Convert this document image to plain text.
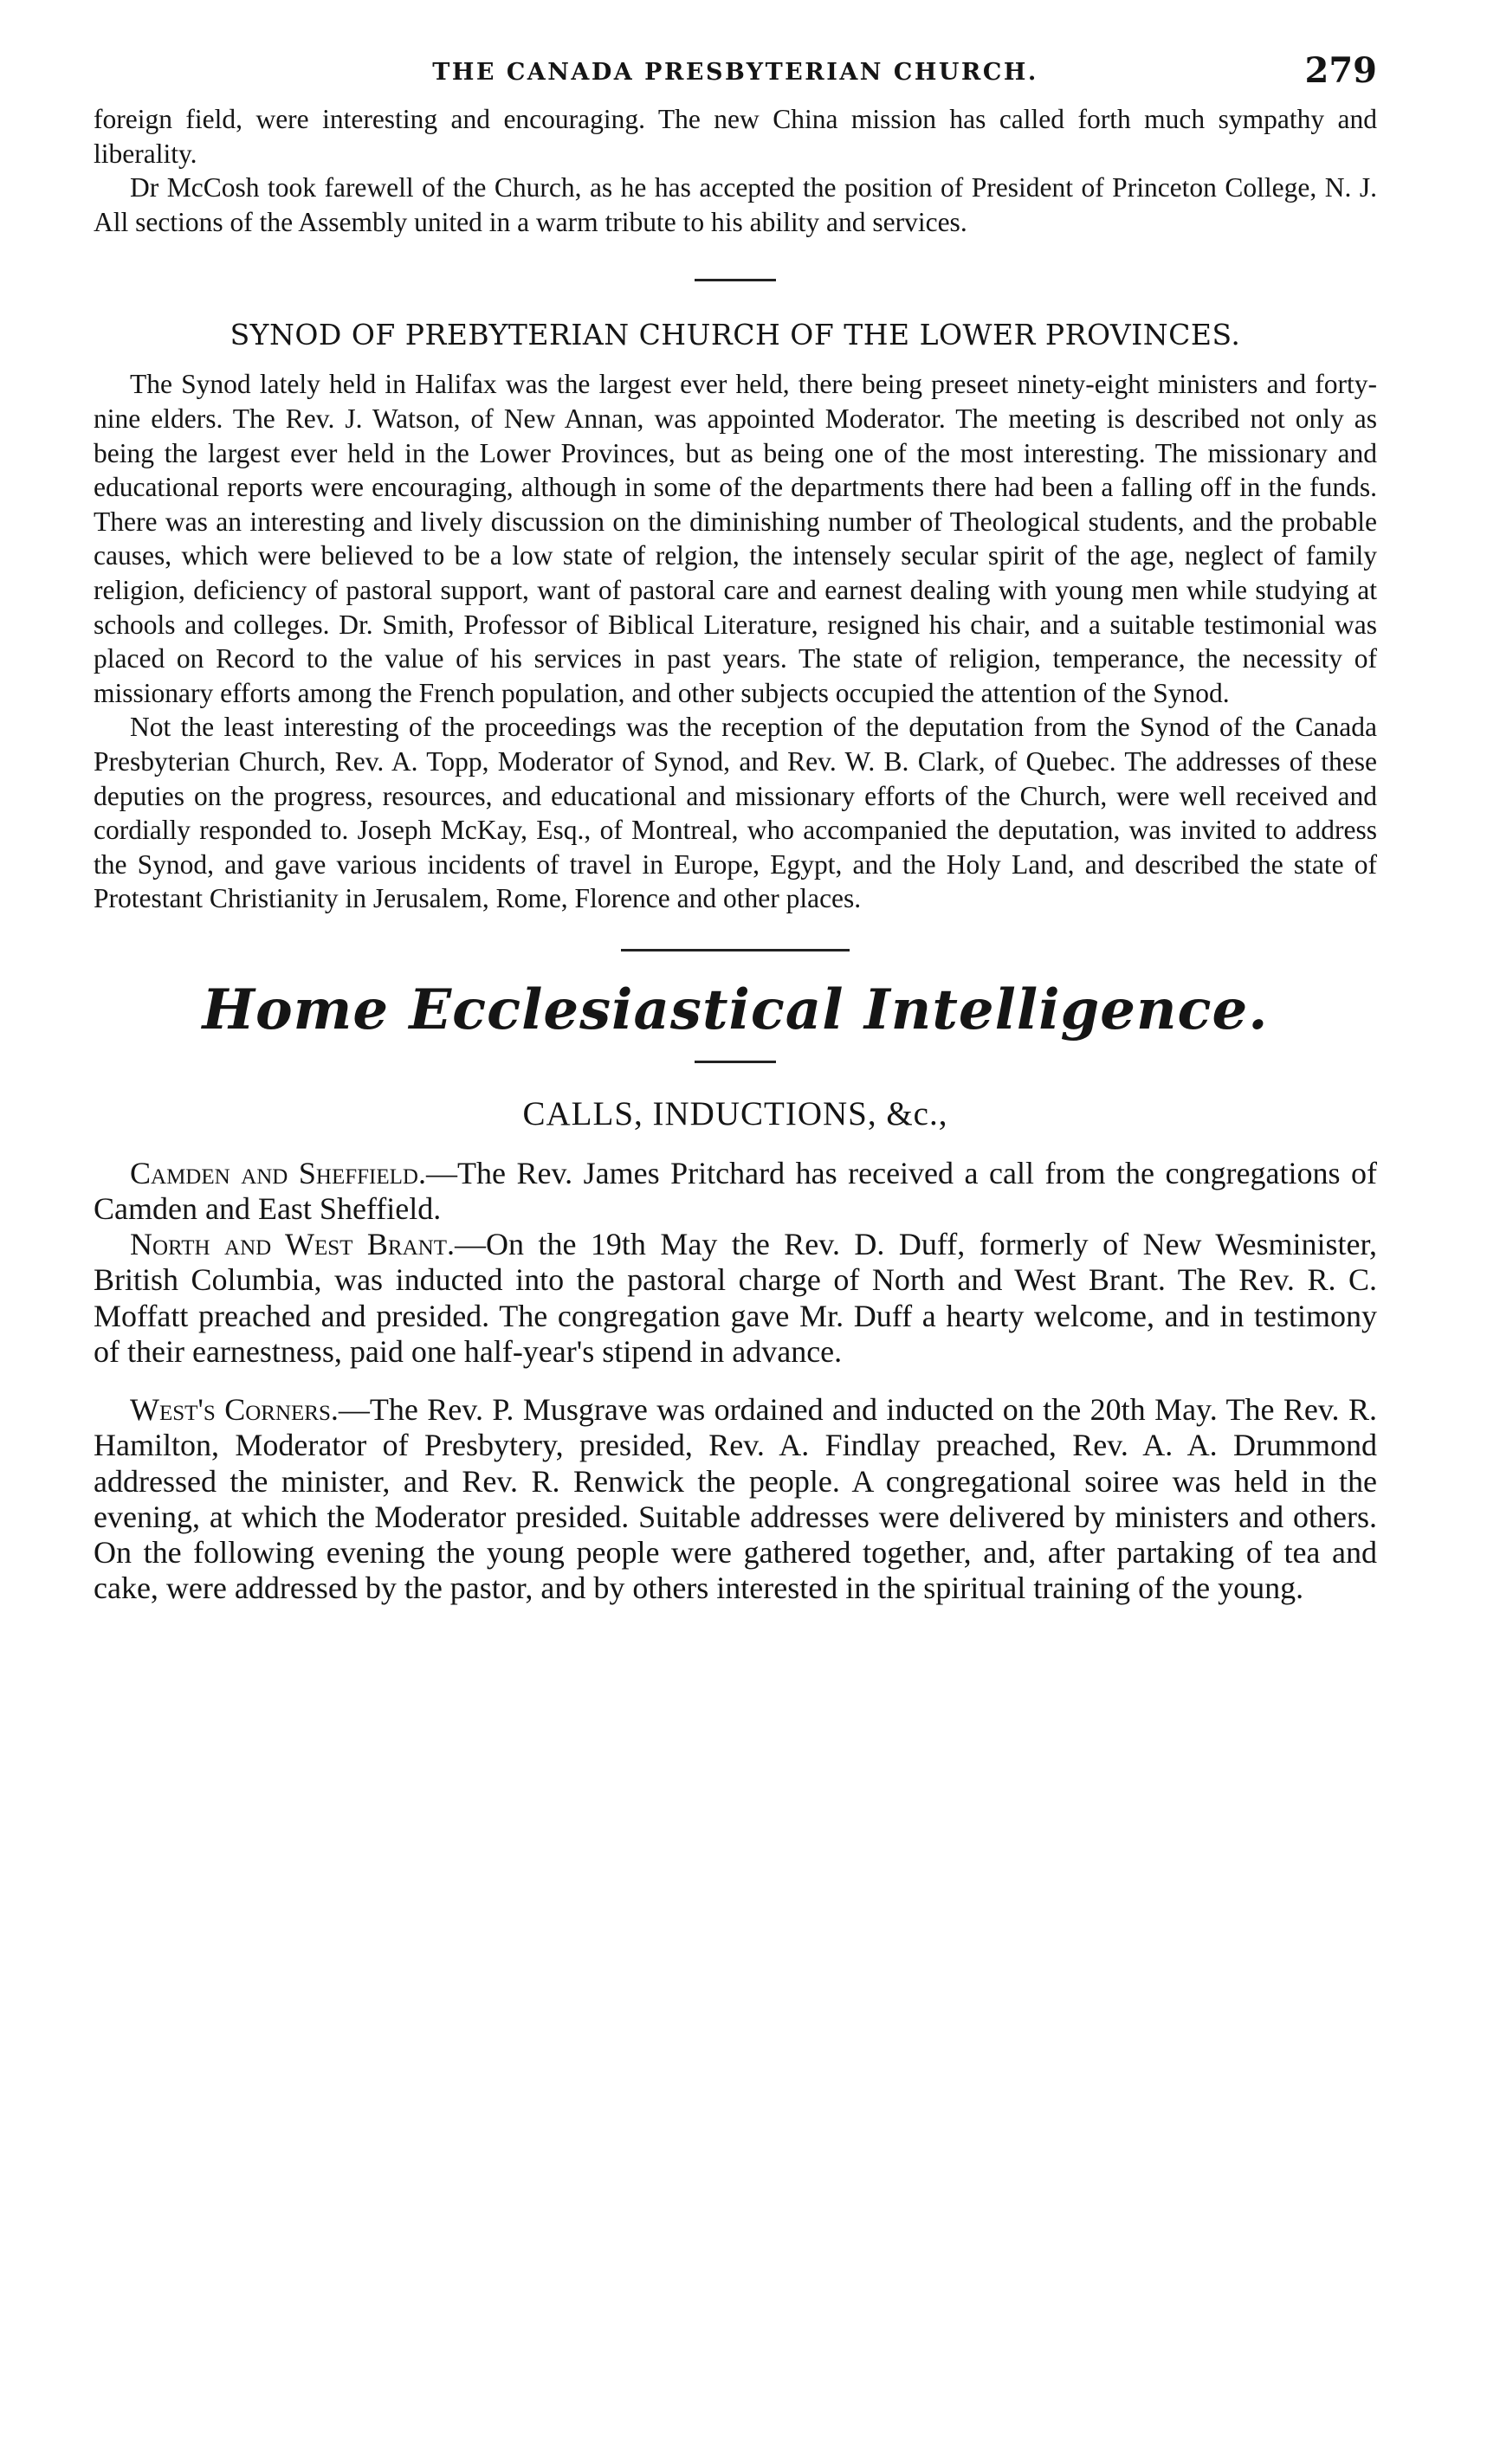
THE CANADA PRESBYTERIAN CHURCH.	279

foreign field, were interesting and encouraging. The new China mission has called forth much sympathy and liberality.

Dr McCosh took farewell of the Church, as he has accepted the position of President of Princeton College, N. J. All sections of the Assembly united in a warm tribute to his ability and services.

SYNOD OF PREBYTERIAN CHURCH OF THE LOWER PROVINCES.

The Synod lately held in Halifax was the largest ever held, there being preseet ninety-eight ministers and forty-nine elders. The Rev. J. Watson, of New Annan, was appointed Moderator. The meeting is described not only as being the largest ever held in the Lower Provinces, but as being one of the most interesting. The missionary and educational reports were encouraging, although in some of the departments there had been a falling off in the funds. There was an interesting and lively discussion on the diminishing number of Theological students, and the probable causes, which were believed to be a low state of relgion, the intensely secular spirit of the age, neglect of family religion, deficiency of pastoral support, want of pastoral care and earnest dealing with young men while studying at schools and colleges. Dr. Smith, Professor of Biblical Literature, resigned his chair, and a suitable testimonial was placed on Record to the value of his services in past years. The state of religion, temperance, the necessity of missionary efforts among the French population, and other subjects occupied the attention of the Synod.

Not the least interesting of the proceedings was the reception of the deputation from the Synod of the Canada Presbyterian Church, Rev. A. Topp, Moderator of Synod, and Rev. W. B. Clark, of Quebec. The addresses of these deputies on the progress, resources, and educational and missionary efforts of the Church, were well received and cordially responded to. Joseph McKay, Esq., of Montreal, who accompanied the deputation, was invited to address the Synod, and gave various incidents of travel in Europe, Egypt, and the Holy Land, and described the state of Protestant Christianity in Jerusalem, Rome, Florence and other places.

Home Ecclesiastical Intelligence.
CALLS, INDUCTIONS, &c.,

Camden and Sheffield.—The Rev. James Pritchard has received a call from the congregations of Camden and East Sheffield.

North and West Brant.—On the 19th May the Rev. D. Duff, formerly of New Wesminister, British Columbia, was inducted into the pastoral charge of North and West Brant. The Rev. R. C. Moffatt preached and presided. The congregation gave Mr. Duff a hearty welcome, and in testimony of their earnestness, paid one half-year's stipend in advance.

West's Corners.—The Rev. P. Musgrave was ordained and inducted on the 20th May. The Rev. R. Hamilton, Moderator of Presbytery, presided, Rev. A. Findlay preached, Rev. A. A. Drummond addressed the minister, and Rev. R. Renwick the people. A congregational soiree was held in the evening, at which the Moderator presided. Suitable addresses were delivered by ministers and others. On the following evening the young people were gathered together, and, after partaking of tea and cake, were addressed by the pastor, and by others interested in the spiritual training of the young.
